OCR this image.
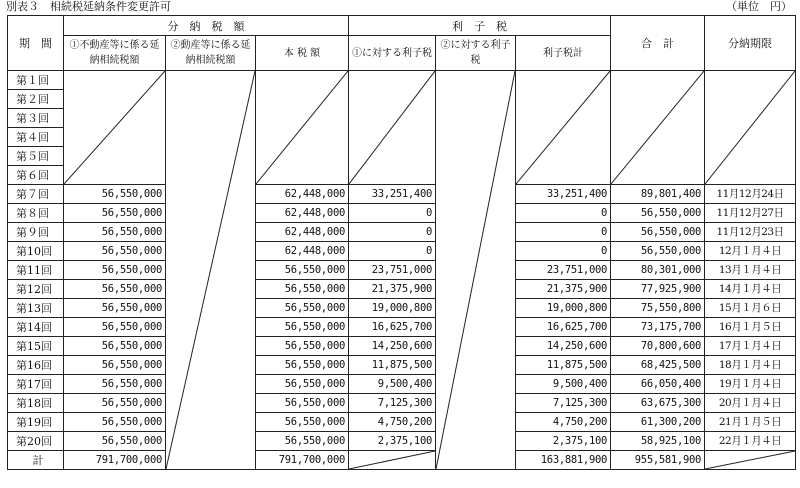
別表３　相続税延納条件変更許可	（単位　円）
期　間	分　納　税　額			利　子　税			合　計	分納期限
	①不動産等に係る延納相続税額	②動産等に係る延納相続税額	本 税 額	①に対する利子税	②に対する利子税	利子税計		
第１回	

第２回								
第３回								
第４回								
第５回								
第６回								
第７回	56,550,000		62,448,000	33,251,400		33,251,400	89,801,400	11月12月24日
第８回	56,550,000		62,448,000	0		0	56,550,000	11月12月27日
第９回	56,550,000		62,448,000	0		0	56,550,000	11月12月23日
第10回	56,550,000		62,448,000	0		0	56,550,000	12月１月４日
第11回	56,550,000		56,550,000	23,751,000		23,751,000	80,301,000	13月１月４日
第12回	56,550,000		56,550,000	21,375,900		21,375,900	77,925,900	14月１月４日
第13回	56,550,000		56,550,000	19,000,800		19,000,800	75,550,800	15月１月６日
第14回	56,550,000		56,550,000	16,625,700		16,625,700	73,175,700	16月１月５日
第15回	56,550,000		56,550,000	14,250,600		14,250,600	70,800,600	17月１月４日
第16回	56,550,000		56,550,000	11,875,500		11,875,500	68,425,500	18月１月４日
第17回	56,550,000		56,550,000	9,500,400		9,500,400	66,050,400	19月１月４日
第18回	56,550,000		56,550,000	7,125,300		7,125,300	63,675,300	20月１月４日
第19回	56,550,000		56,550,000	4,750,200		4,750,200	61,300,200	21月１月５日
第20回	56,550,000		56,550,000	2,375,100		2,375,100	58,925,100	22月１月４日
計	791,700,000		791,700,000			163,881,900	955,581,900	
